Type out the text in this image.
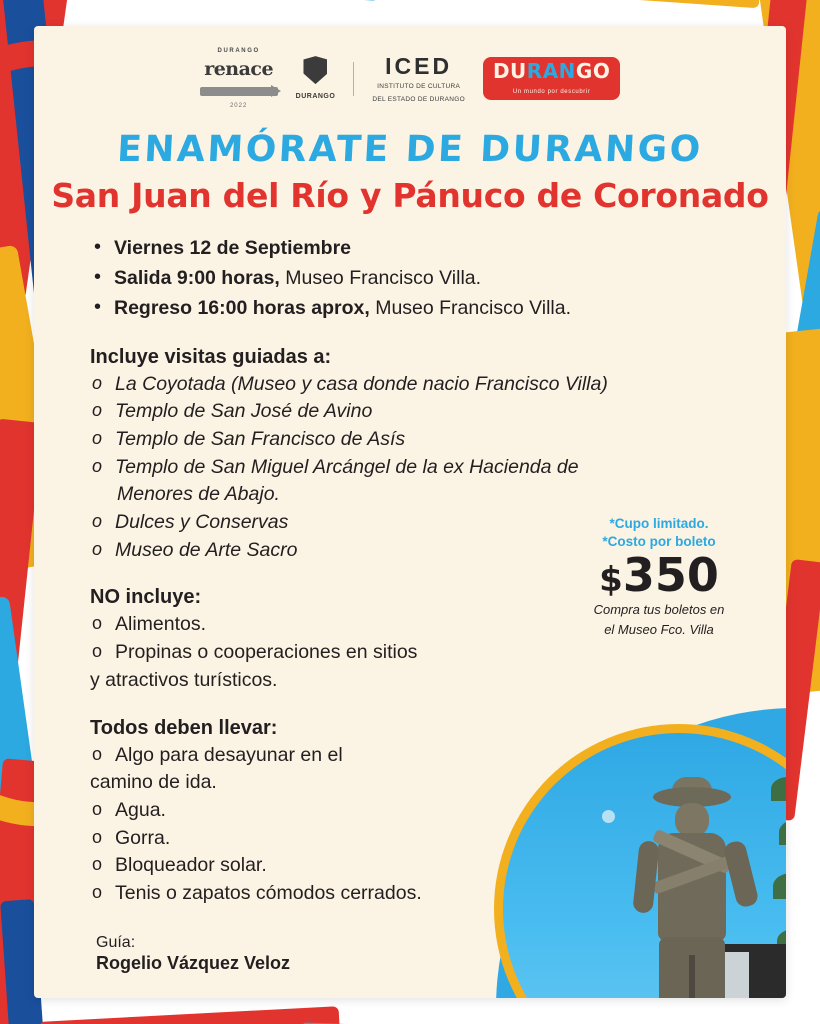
DURANGO
renace
2022
DURANGO
ICED
INSTITUTO DE CULTURA
DEL ESTADO DE DURANGO
DURANGO
Un mundo por descubrir
ENAMÓRATE DE DURANGO
San Juan del Río y Pánuco de Coronado
• Viernes 12 de Septiembre
• Salida 9:00 horas, Museo Francisco Villa.
• Regreso 16:00 horas aprox, Museo Francisco Villa.
Incluye visitas guiadas a:
o La Coyotada (Museo y casa donde nacio Francisco Villa)
o Templo de San José de Avino
o Templo de San Francisco de Asís
o Templo de San Miguel Arcángel de la ex Hacienda de
Menores de Abajo.
o Dulces y Conservas
o Museo de Arte Sacro
NO incluye:
o Alimentos.
o Propinas o cooperaciones en sitios
y atractivos turísticos.
Todos deben llevar:
o Algo para desayunar en el
camino de ida.
o Agua.
o Gorra.
o Bloqueador solar.
o Tenis o zapatos cómodos cerrados.
Guía:
Rogelio Vázquez Veloz
*Cupo limitado.
*Costo por boleto
$350
Compra tus boletos en
el Museo Fco. Villa
